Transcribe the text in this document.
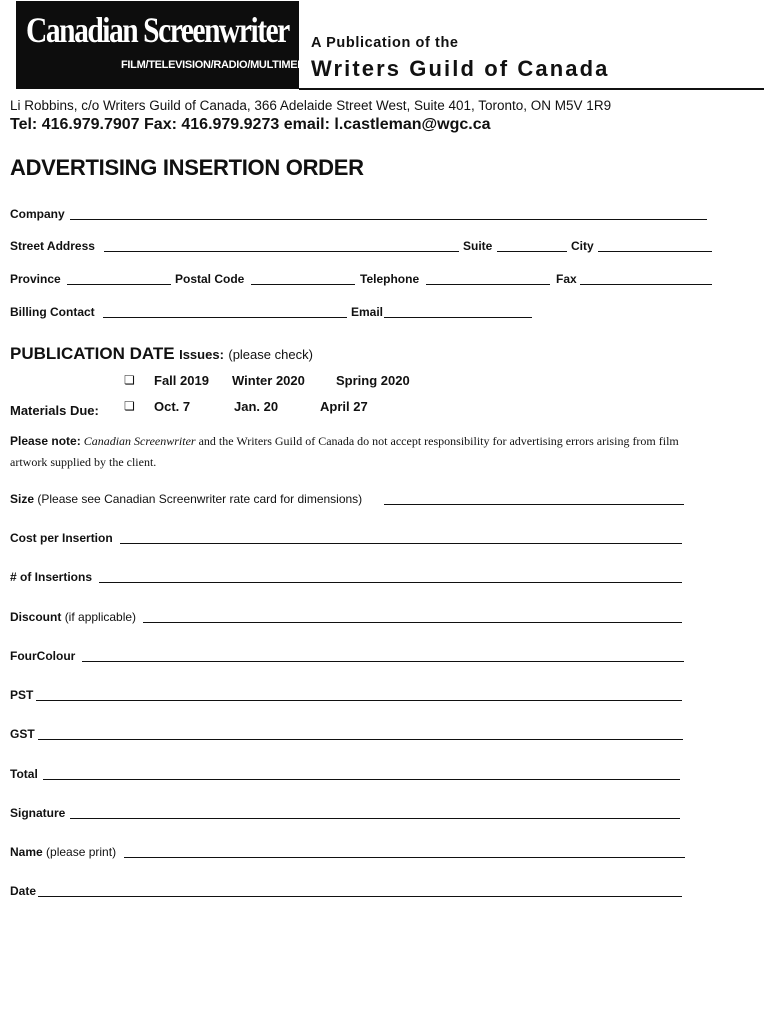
Canadian Screenwriter
FILM/TELEVISION/RADIO/MULTIMEDIA
A Publication of the
Writers Guild of Canada
Li Robbins, c/o Writers Guild of Canada, 366 Adelaide Street West, Suite 401, Toronto, ON M5V 1R9
Tel: 416.979.7907 Fax: 416.979.9273 email: l.castleman@wgc.ca
ADVERTISING INSERTION ORDER
Company
Street Address	Suite	City
Province	Postal Code	Telephone	Fax
Billing Contact	Email
PUBLICATION DATE Issues: (please check)
❏ Fall 2019 Winter 2020 Spring 2020
Materials Due: ❏ Oct. 7	Jan. 20	April 27
Please note: Canadian Screenwriter and the Writers Guild of Canada do not accept responsibility for advertising errors arising from film artwork supplied by the client.
Size (Please see Canadian Screenwriter rate card for dimensions)
Cost per Insertion
# of Insertions
Discount (if applicable)
FourColour
PST
GST
Total
Signature
Name (please print)
Date
